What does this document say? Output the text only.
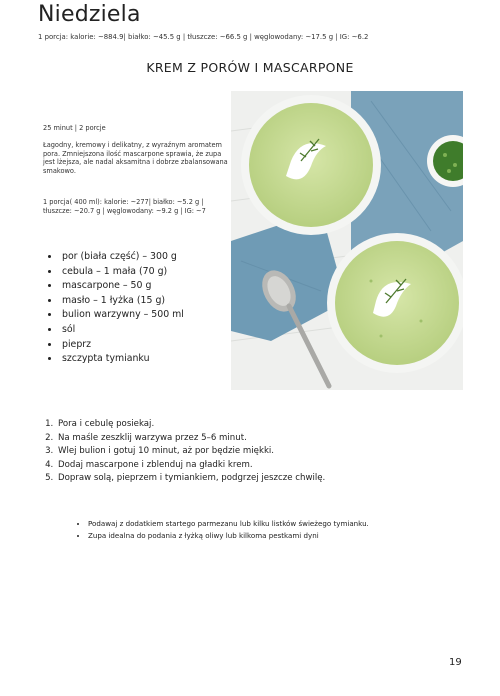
Niedziela
1 porcja: kalorie: ~884.9| białko: ~45.5 g | tłuszcze: ~66.5 g | węglowodany: ~17.5 g | IG: ~6.2
KREM Z PORÓW I MASCARPONE
25 minut | 2 porcje
Łagodny, kremowy i delikatny, z wyraźnym aromatem pora. Zmniejszona ilość mascarpone sprawia, że zupa jest lżejsza, ale nadal aksamitna i dobrze zbalansowana smakowo.
1 porcja( 400 ml): kalorie: ~277| białko: ~5.2 g | tłuszcze: ~20.7 g | węglowodany: ~9.2 g | IG: ~7
• por (biała część) – 300 g
• cebula – 1 mała (70 g)
• mascarpone – 50 g
• masło – 1 łyżka (15 g)
• bulion warzywny – 500 ml
• sól
• pieprz
• szczypta tymianku
1. Pora i cebulę posiekaj.
2. Na maśle zeszklij warzywa przez 5–6 minut.
3. Wlej bulion i gotuj 10 minut, aż por będzie miękki.
4. Dodaj mascarpone i zblenduj na gładki krem.
5. Dopraw solą, pieprzem i tymiankiem, podgrzej jeszcze chwilę.
• Podawaj z dodatkiem startego parmezanu lub kilku listków świeżego tymianku.
• Zupa idealna do podania z łyżką oliwy lub kilkoma pestkami dyni
19
